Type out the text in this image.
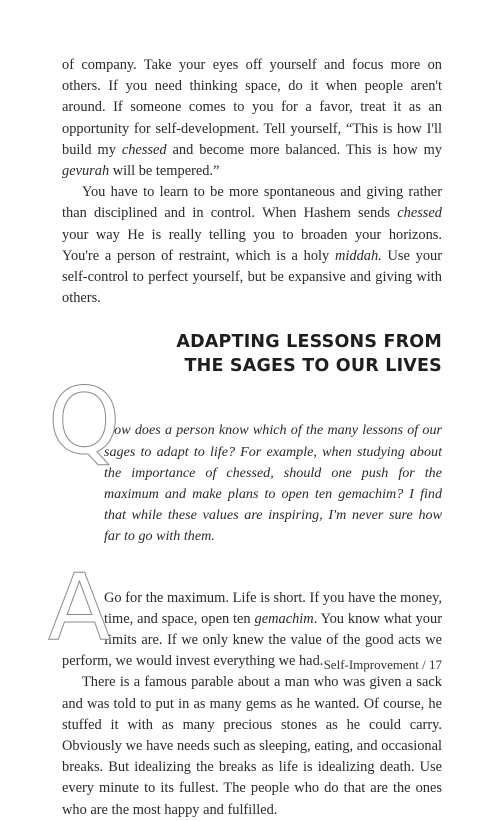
of company. Take your eyes off yourself and focus more on others. If you need thinking space, do it when people aren't around. If someone comes to you for a favor, treat it as an opportunity for self-development. Tell yourself, “This is how I'll build my chessed and become more balanced. This is how my gevurah will be tempered.”

You have to learn to be more spontaneous and giving rather than disciplined and in control. When Hashem sends chessed your way He is really telling you to broaden your horizons. You're a person of restraint, which is a holy middah. Use your self-control to perfect yourself, but be expansive and giving with others.

ADAPTING LESSONS FROM
THE SAGES TO OUR LIVES
Q

How does a person know which of the many lessons of our sages to adapt to life? For example, when studying about the importance of chessed, should one push for the maximum and make plans to open ten gemachim? I find that while these values are inspiring, I'm never sure how far to go with them.

A

Go for the maximum. Life is short. If you have the money, time, and space, open ten gemachim. You know what your limits are. If we only knew the value of the good acts we perform, we would invest everything we had.

There is a famous parable about a man who was given a sack and was told to put in as many gems as he wanted. Of course, he stuffed it with as many precious stones as he could carry. Obviously we have needs such as sleeping, eating, and occasional breaks. But idealizing the breaks as life is idealizing death. Use every minute to its fullest. The people who do that are the ones who are the most happy and fulfilled.

Self-Improvement / 17
